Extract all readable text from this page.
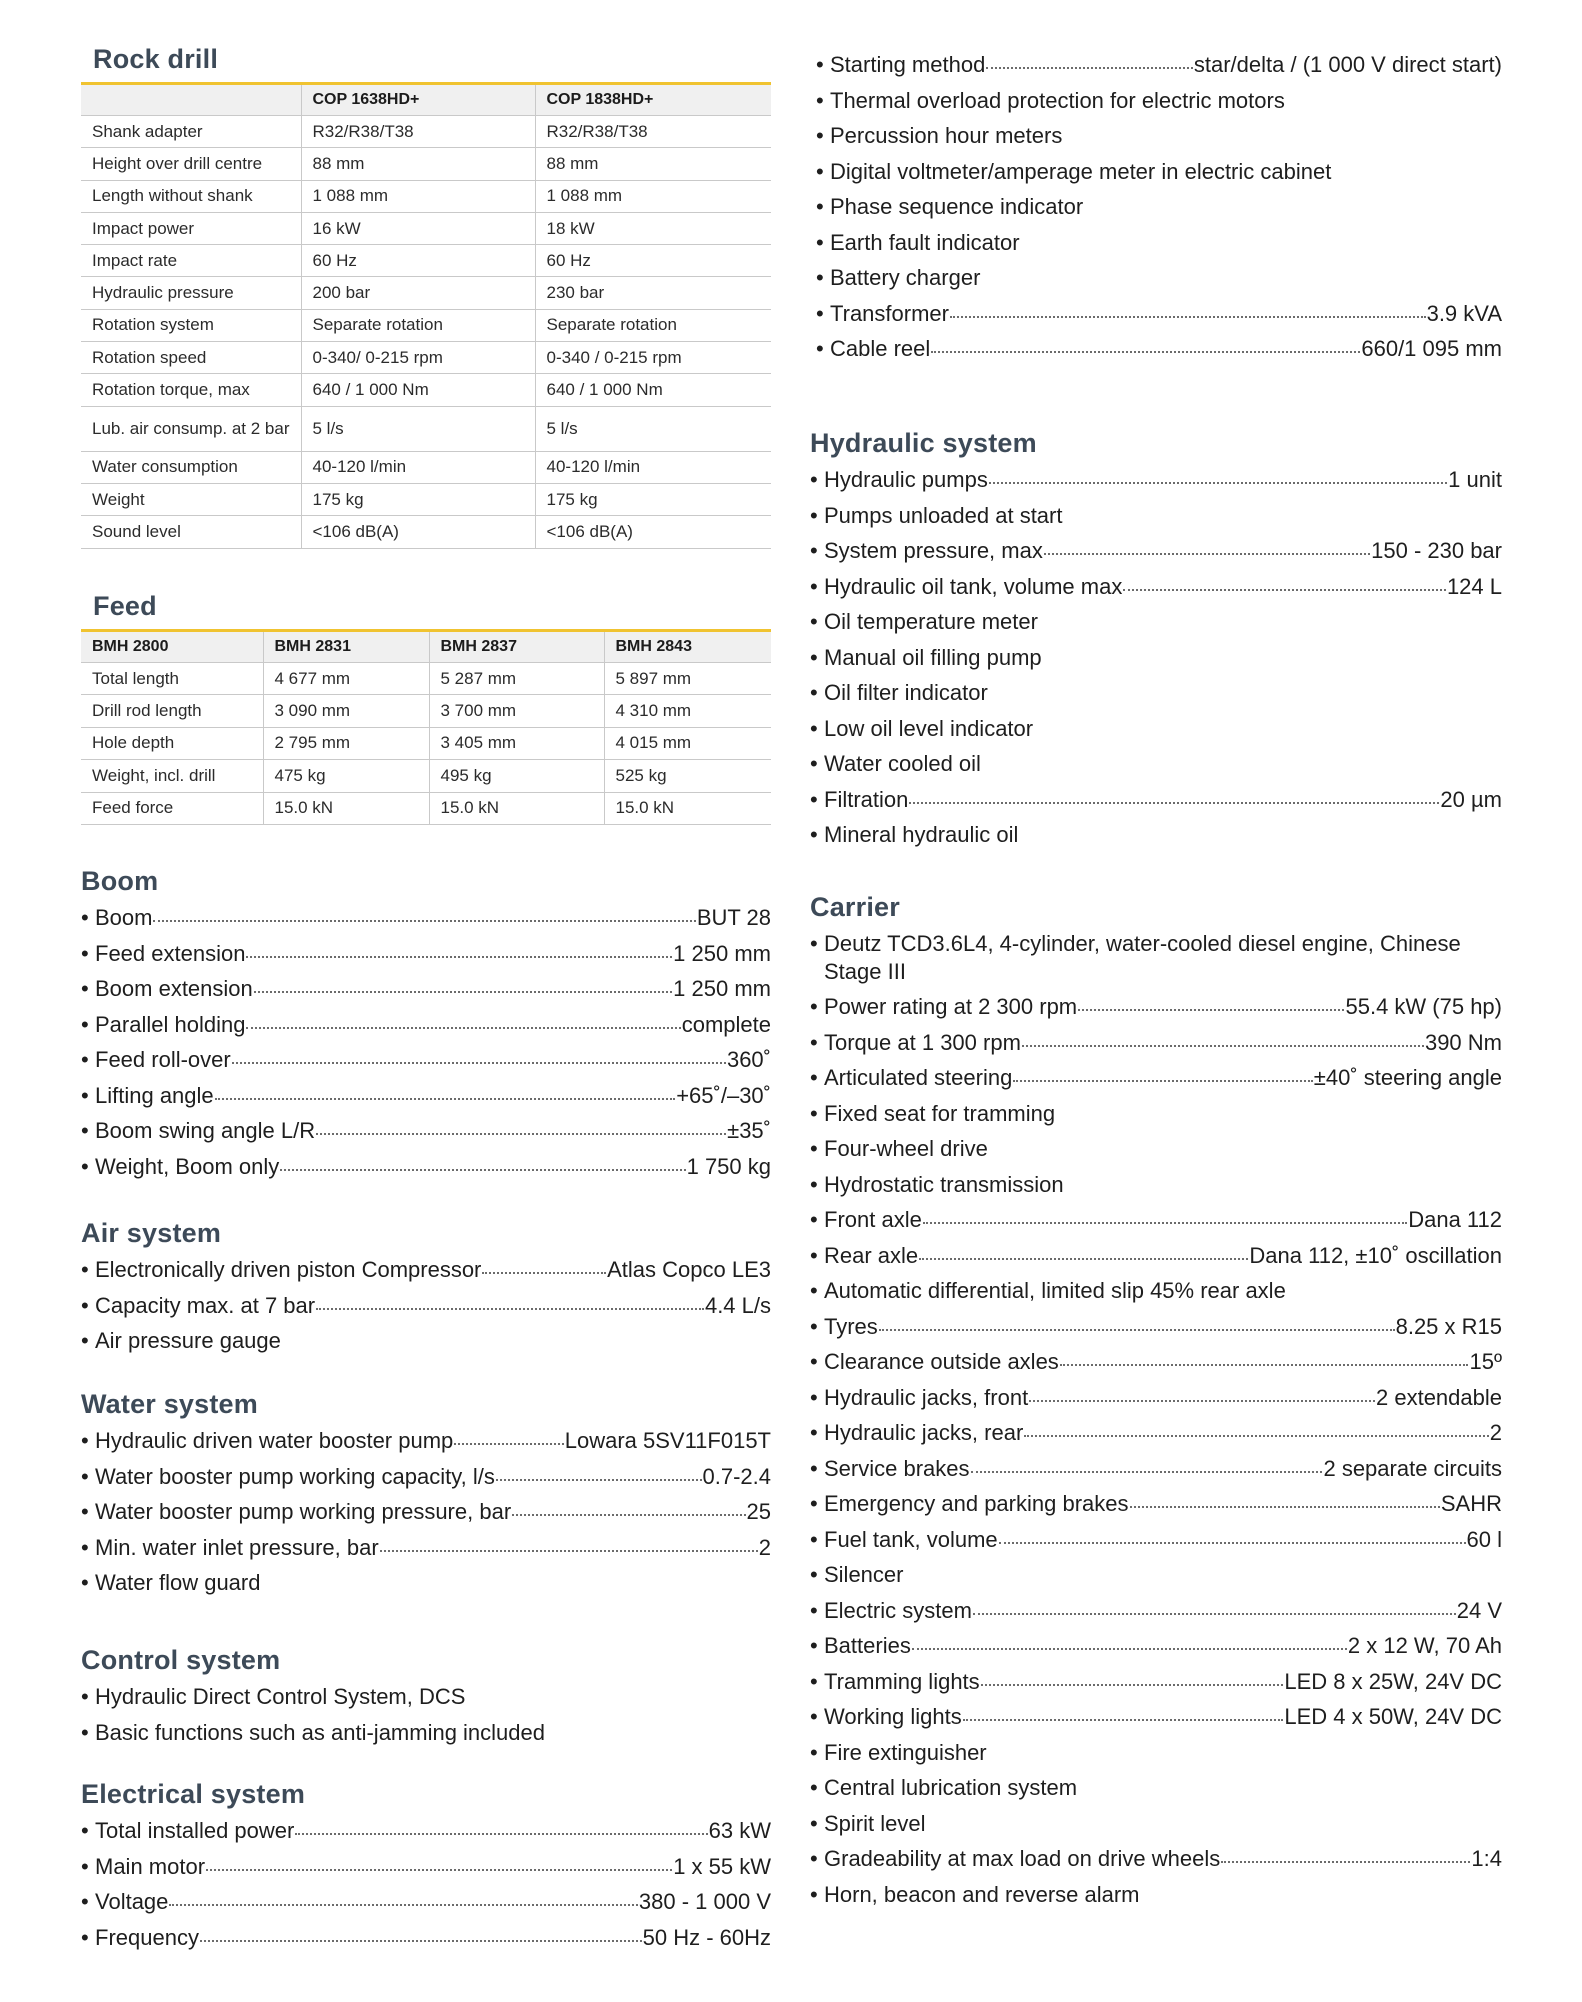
Rock drill
	COP 1638HD+	COP 1838HD+
Shank adapter	R32/R38/T38	R32/R38/T38
Height over drill centre	88 mm	88 mm
Length without shank	1 088 mm	1 088 mm
Impact power	16 kW	18 kW
Impact rate	60 Hz	60 Hz
Hydraulic pressure	200 bar	230 bar
Rotation system	Separate rotation	Separate rotation
Rotation speed	0-340/ 0-215 rpm	0-340 / 0-215 rpm
Rotation torque, max	640 / 1 000 Nm	640 / 1 000 Nm
Lub. air consump. at 2 bar	5 l/s	5 l/s
Water consumption	40-120 l/min	40-120 l/min
Weight	175 kg	175 kg
Sound level	<106 dB(A)	<106 dB(A)
Feed
BMH 2800	BMH 2831	BMH 2837	BMH 2843
Total length	4 677 mm	5 287 mm	5 897 mm
Drill rod length	3 090 mm	3 700 mm	4 310 mm
Hole depth	2 795 mm	3 405 mm	4 015 mm
Weight, incl. drill	475 kg	495 kg	525 kg
Feed force	15.0 kN	15.0 kN	15.0 kN
Boom
• Boom	BUT 28
• Feed extension	1 250 mm
• Boom extension	1 250 mm
• Parallel holding	complete
• Feed roll-over	360˚
• Lifting angle	+65˚/–30˚
• Boom swing angle L/R	±35˚
• Weight, Boom only	1 750 kg
Air system
• Electronically driven piston Compressor	Atlas Copco LE3
• Capacity max. at 7 bar	4.4 L/s
• Air pressure gauge
Water system
• Hydraulic driven water booster pump	Lowara 5SV11F015T
• Water booster pump working capacity, l/s	0.7-2.4
• Water booster pump working pressure, bar	25
• Min. water inlet pressure, bar	2
• Water flow guard
Control system
• Hydraulic Direct Control System, DCS
• Basic functions such as anti-jamming included
Electrical system
• Total installed power	63 kW
• Main motor	1 x 55 kW
• Voltage	380 - 1 000 V
• Frequency	50 Hz - 60Hz
• Starting method	star/delta / (1 000 V direct start)
• Thermal overload protection for electric motors
• Percussion hour meters
• Digital voltmeter/amperage meter in electric cabinet
• Phase sequence indicator
• Earth fault indicator
• Battery charger
• Transformer	3.9 kVA
• Cable reel	660/1 095 mm
Hydraulic system
• Hydraulic pumps	1 unit
• Pumps unloaded at start
• System pressure, max	150 - 230 bar
• Hydraulic oil tank, volume max	124 L
• Oil temperature meter
• Manual oil filling pump
• Oil filter indicator
• Low oil level indicator
• Water cooled oil
• Filtration	20 µm
• Mineral hydraulic oil
Carrier
• Deutz TCD3.6L4, 4-cylinder, water-cooled diesel engine, Chinese Stage III
• Power rating at 2 300 rpm	55.4 kW (75 hp)
• Torque at 1 300 rpm	390 Nm
• Articulated steering	±40˚ steering angle
• Fixed seat for tramming
• Four-wheel drive
• Hydrostatic transmission
• Front axle	Dana 112
• Rear axle	Dana 112, ±10˚ oscillation
• Automatic differential, limited slip 45% rear axle
• Tyres	8.25 x R15
• Clearance outside axles	15º
• Hydraulic jacks, front	2 extendable
• Hydraulic jacks, rear	2
• Service brakes	2 separate circuits
• Emergency and parking brakes	SAHR
• Fuel tank, volume	60 l
• Silencer
• Electric system	24 V
• Batteries	2 x 12 W, 70 Ah
• Tramming lights	LED 8 x 25W, 24V DC
• Working lights	LED 4 x 50W, 24V DC
• Fire extinguisher
• Central lubrication system
• Spirit level
• Gradeability at max load on drive wheels	1:4
• Horn, beacon and reverse alarm
